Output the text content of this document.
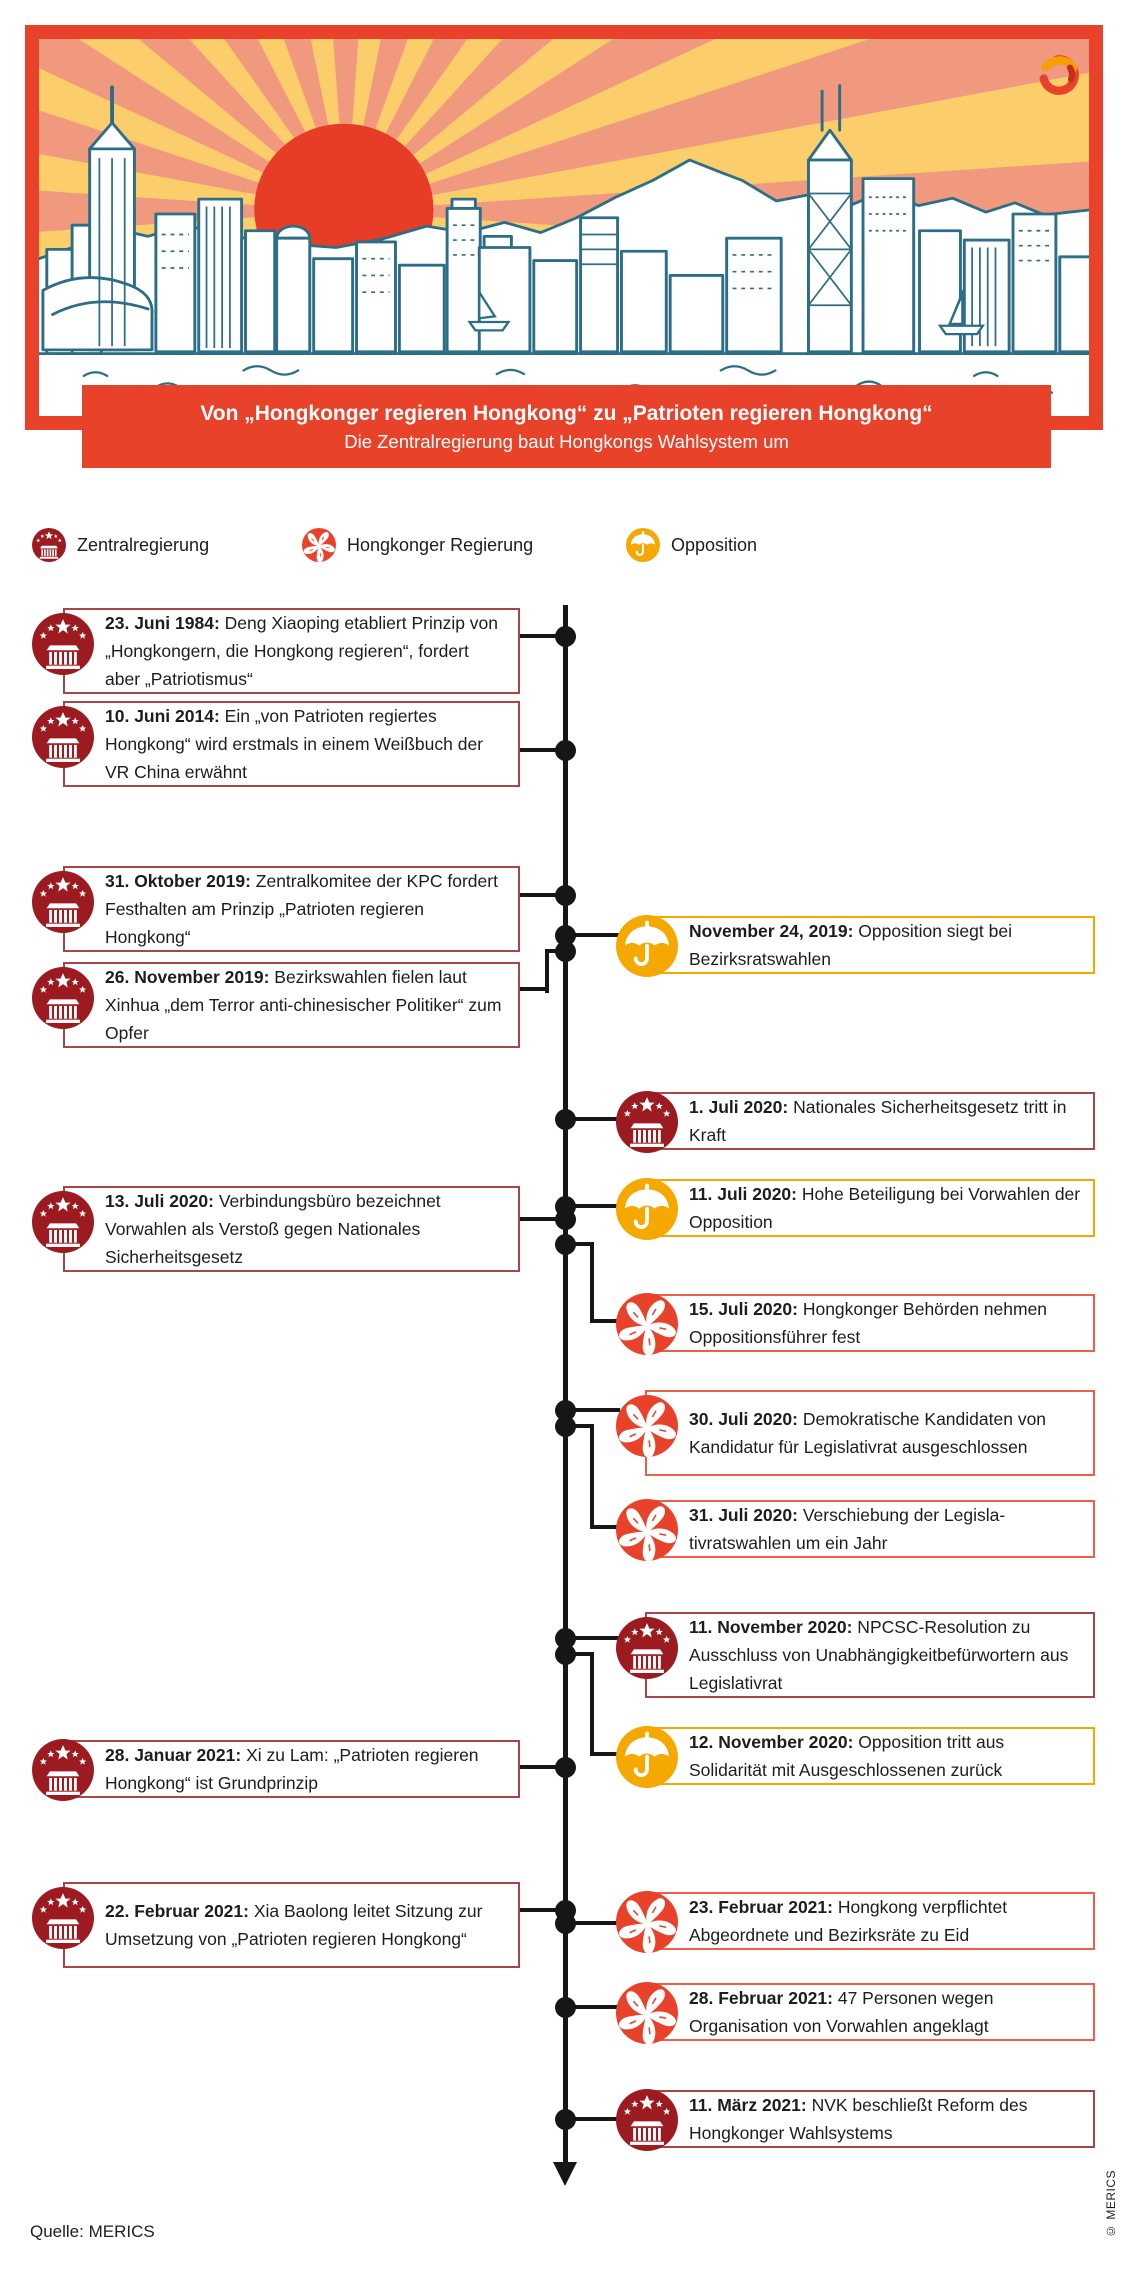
Von „Hongkonger regieren Hongkong“ zu „Patrioten regieren Hongkong“

Die Zentralregierung baut Hongkongs Wahlsystem um

Zentralregierung	Hongkonger Regierung	Opposition

23. Juni 1984: Deng Xiaoping etabliert Prinzip von „Hongkongern, die Hongkong regieren“, fordert aber „Patriotismus“

10. Juni 2014: Ein „von Patrioten regiertes Hongkong“ wird erstmals in einem Weißbuch der VR China erwähnt

31. Oktober 2019: Zentralkomitee der KPC fordert Festhalten am Prinzip „Patrioten regieren Hongkong“	November 24, 2019: Opposition siegt bei Bezirksratswahlen

26. November 2019: Bezirkswahlen fielen laut Xinhua „dem Terror anti-chinesischer Politiker“ zum Opfer

1. Juli 2020: Nationales Sicherheitsgesetz tritt in Kraft

11. Juli 2020: Hohe Beteiligung bei Vorwahlen der Opposition

13. Juli 2020: Verbindungsbüro bezeichnet Vorwahlen als Verstoß gegen Nationales Sicherheitsgesetz

15. Juli 2020: Hongkonger Behörden nehmen Oppositionsführer fest

30. Juli 2020: Demokratische Kandidaten von Kandidatur für Legislativrat ausgeschlossen

31. Juli 2020: Verschiebung der Legislativratswahlen um ein Jahr

11. November 2020: NPCSC-Resolution zu Ausschluss von Unabhängigkeitbefürwortern aus Legislativrat

12. November 2020: Opposition tritt aus Solidarität mit Ausgeschlossenen zurück

28. Januar 2021: Xi zu Lam: „Patrioten regieren Hongkong“ ist Grundprinzip

22. Februar 2021: Xia Baolong leitet Sitzung zur Umsetzung von „Patrioten regieren Hongkong“

23. Februar 2021: Hongkong verpflichtet Abgeordnete und Bezirksräte zu Eid

28. Februar 2021: 47 Personen wegen Organisation von Vorwahlen angeklagt

11. März 2021: NVK beschließt Reform des Hongkonger Wahlsystems

Quelle: MERICS	© MERICS
